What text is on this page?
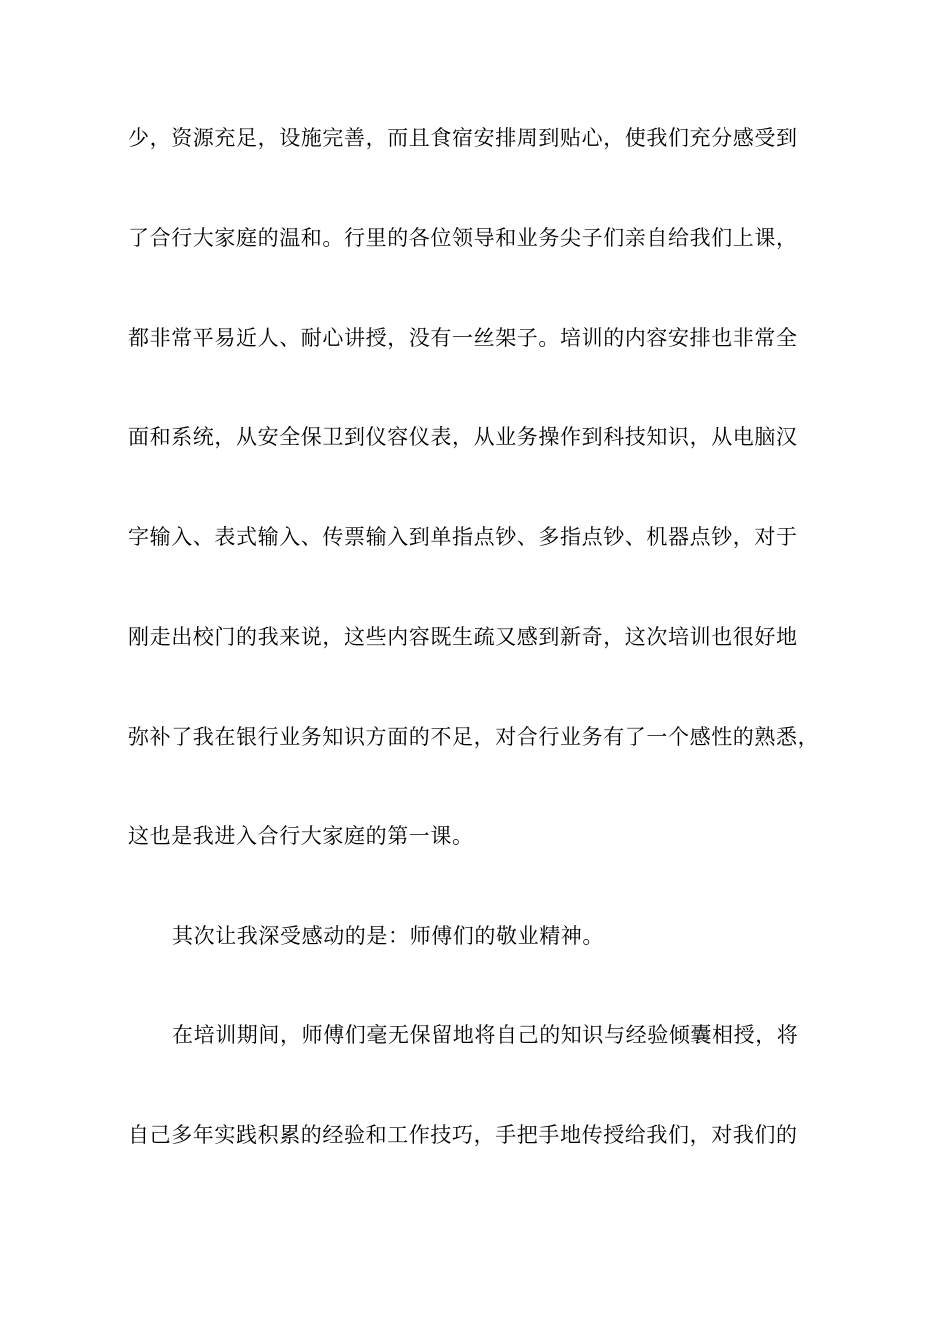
少，资源充足，设施完善，而且食宿安排周到贴心，使我们充分感受到
了合行大家庭的温和。行里的各位领导和业务尖子们亲自给我们上课，
都非常平易近人、耐心讲授，没有一丝架子。培训的内容安排也非常全
面和系统，从安全保卫到仪容仪表，从业务操作到科技知识，从电脑汉
字输入、表式输入、传票输入到单指点钞、多指点钞、机器点钞，对于
刚走出校门的我来说，这些内容既生疏又感到新奇，这次培训也很好地
弥补了我在银行业务知识方面的不足，对合行业务有了一个感性的熟悉，
这也是我进入合行大家庭的第一课。
其次让我深受感动的是：师傅们的敬业精神。
在培训期间，师傅们毫无保留地将自己的知识与经验倾囊相授，将
自己多年实践积累的经验和工作技巧，手把手地传授给我们，对我们的
